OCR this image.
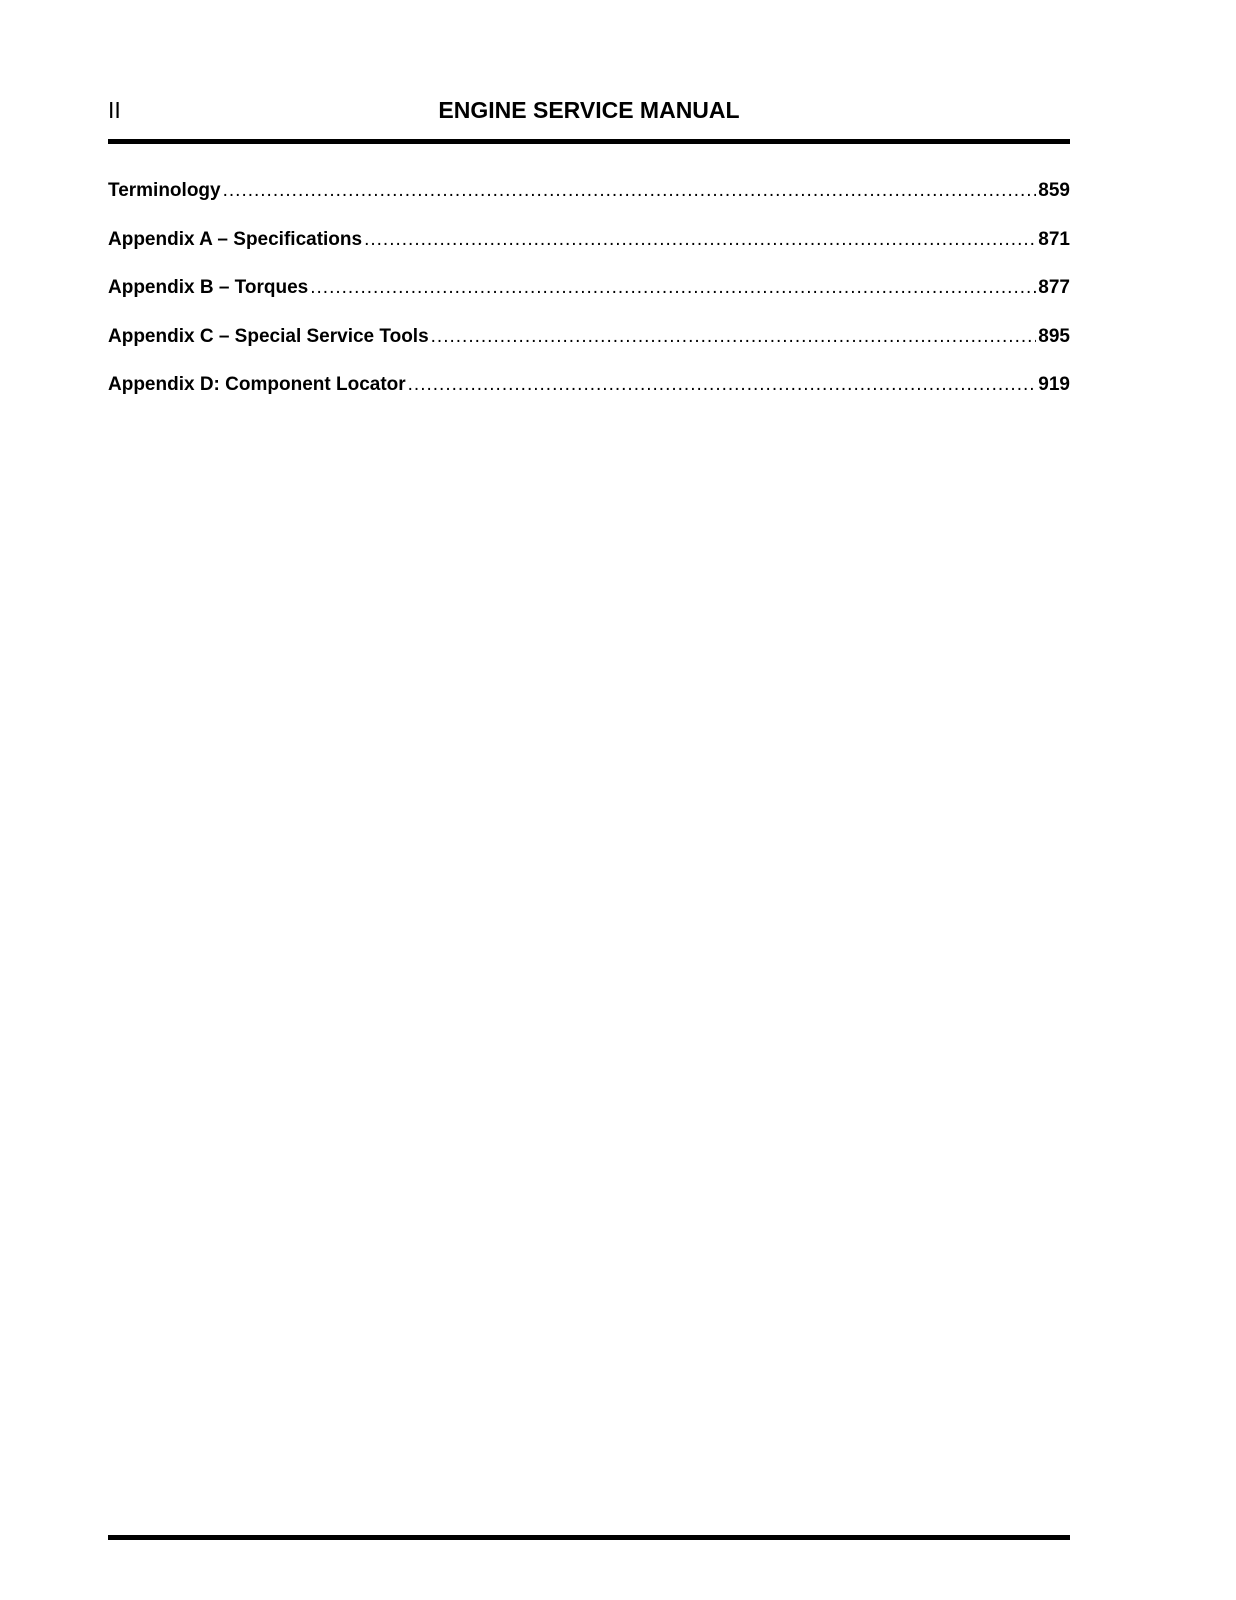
II	ENGINE SERVICE MANUAL
Terminology .....	859
Appendix A – Specifications .....	871
Appendix B – Torques .....	877
Appendix C – Special Service Tools .....	895
Appendix D: Component Locator .....	919
